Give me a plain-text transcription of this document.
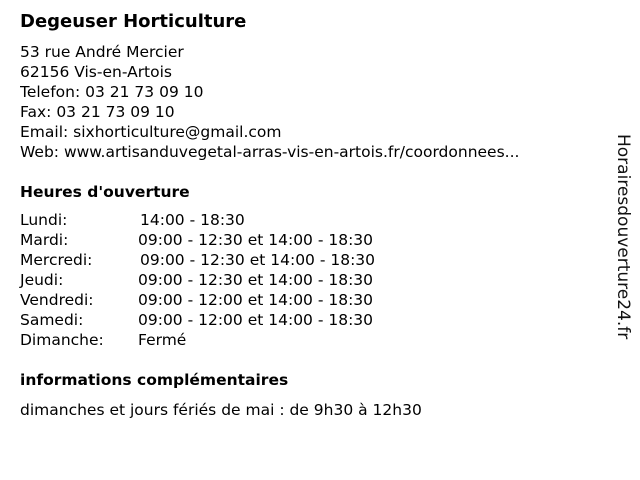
Degeuser Horticulture
53 rue André Mercier
62156 Vis-en-Artois
Telefon: 03 21 73 09 10
Fax: 03 21 73 09 10
Email: sixhorticulture@gmail.com
Web: www.artisanduvegetal-arras-vis-en-artois.fr/coordonnees...
Heures d'ouverture
Lundi:	14:00 - 18:30
Mardi:	09:00 - 12:30 et 14:00 - 18:30
Mercredi:	09:00 - 12:30 et 14:00 - 18:30
Jeudi:	09:00 - 12:30 et 14:00 - 18:30
Vendredi:	09:00 - 12:00 et 14:00 - 18:30
Samedi:	09:00 - 12:00 et 14:00 - 18:30
Dimanche:	Fermé
informations complémentaires

dimanches et jours fériés de mai : de 9h30 à 12h30

Horairesdouverture24.fr
